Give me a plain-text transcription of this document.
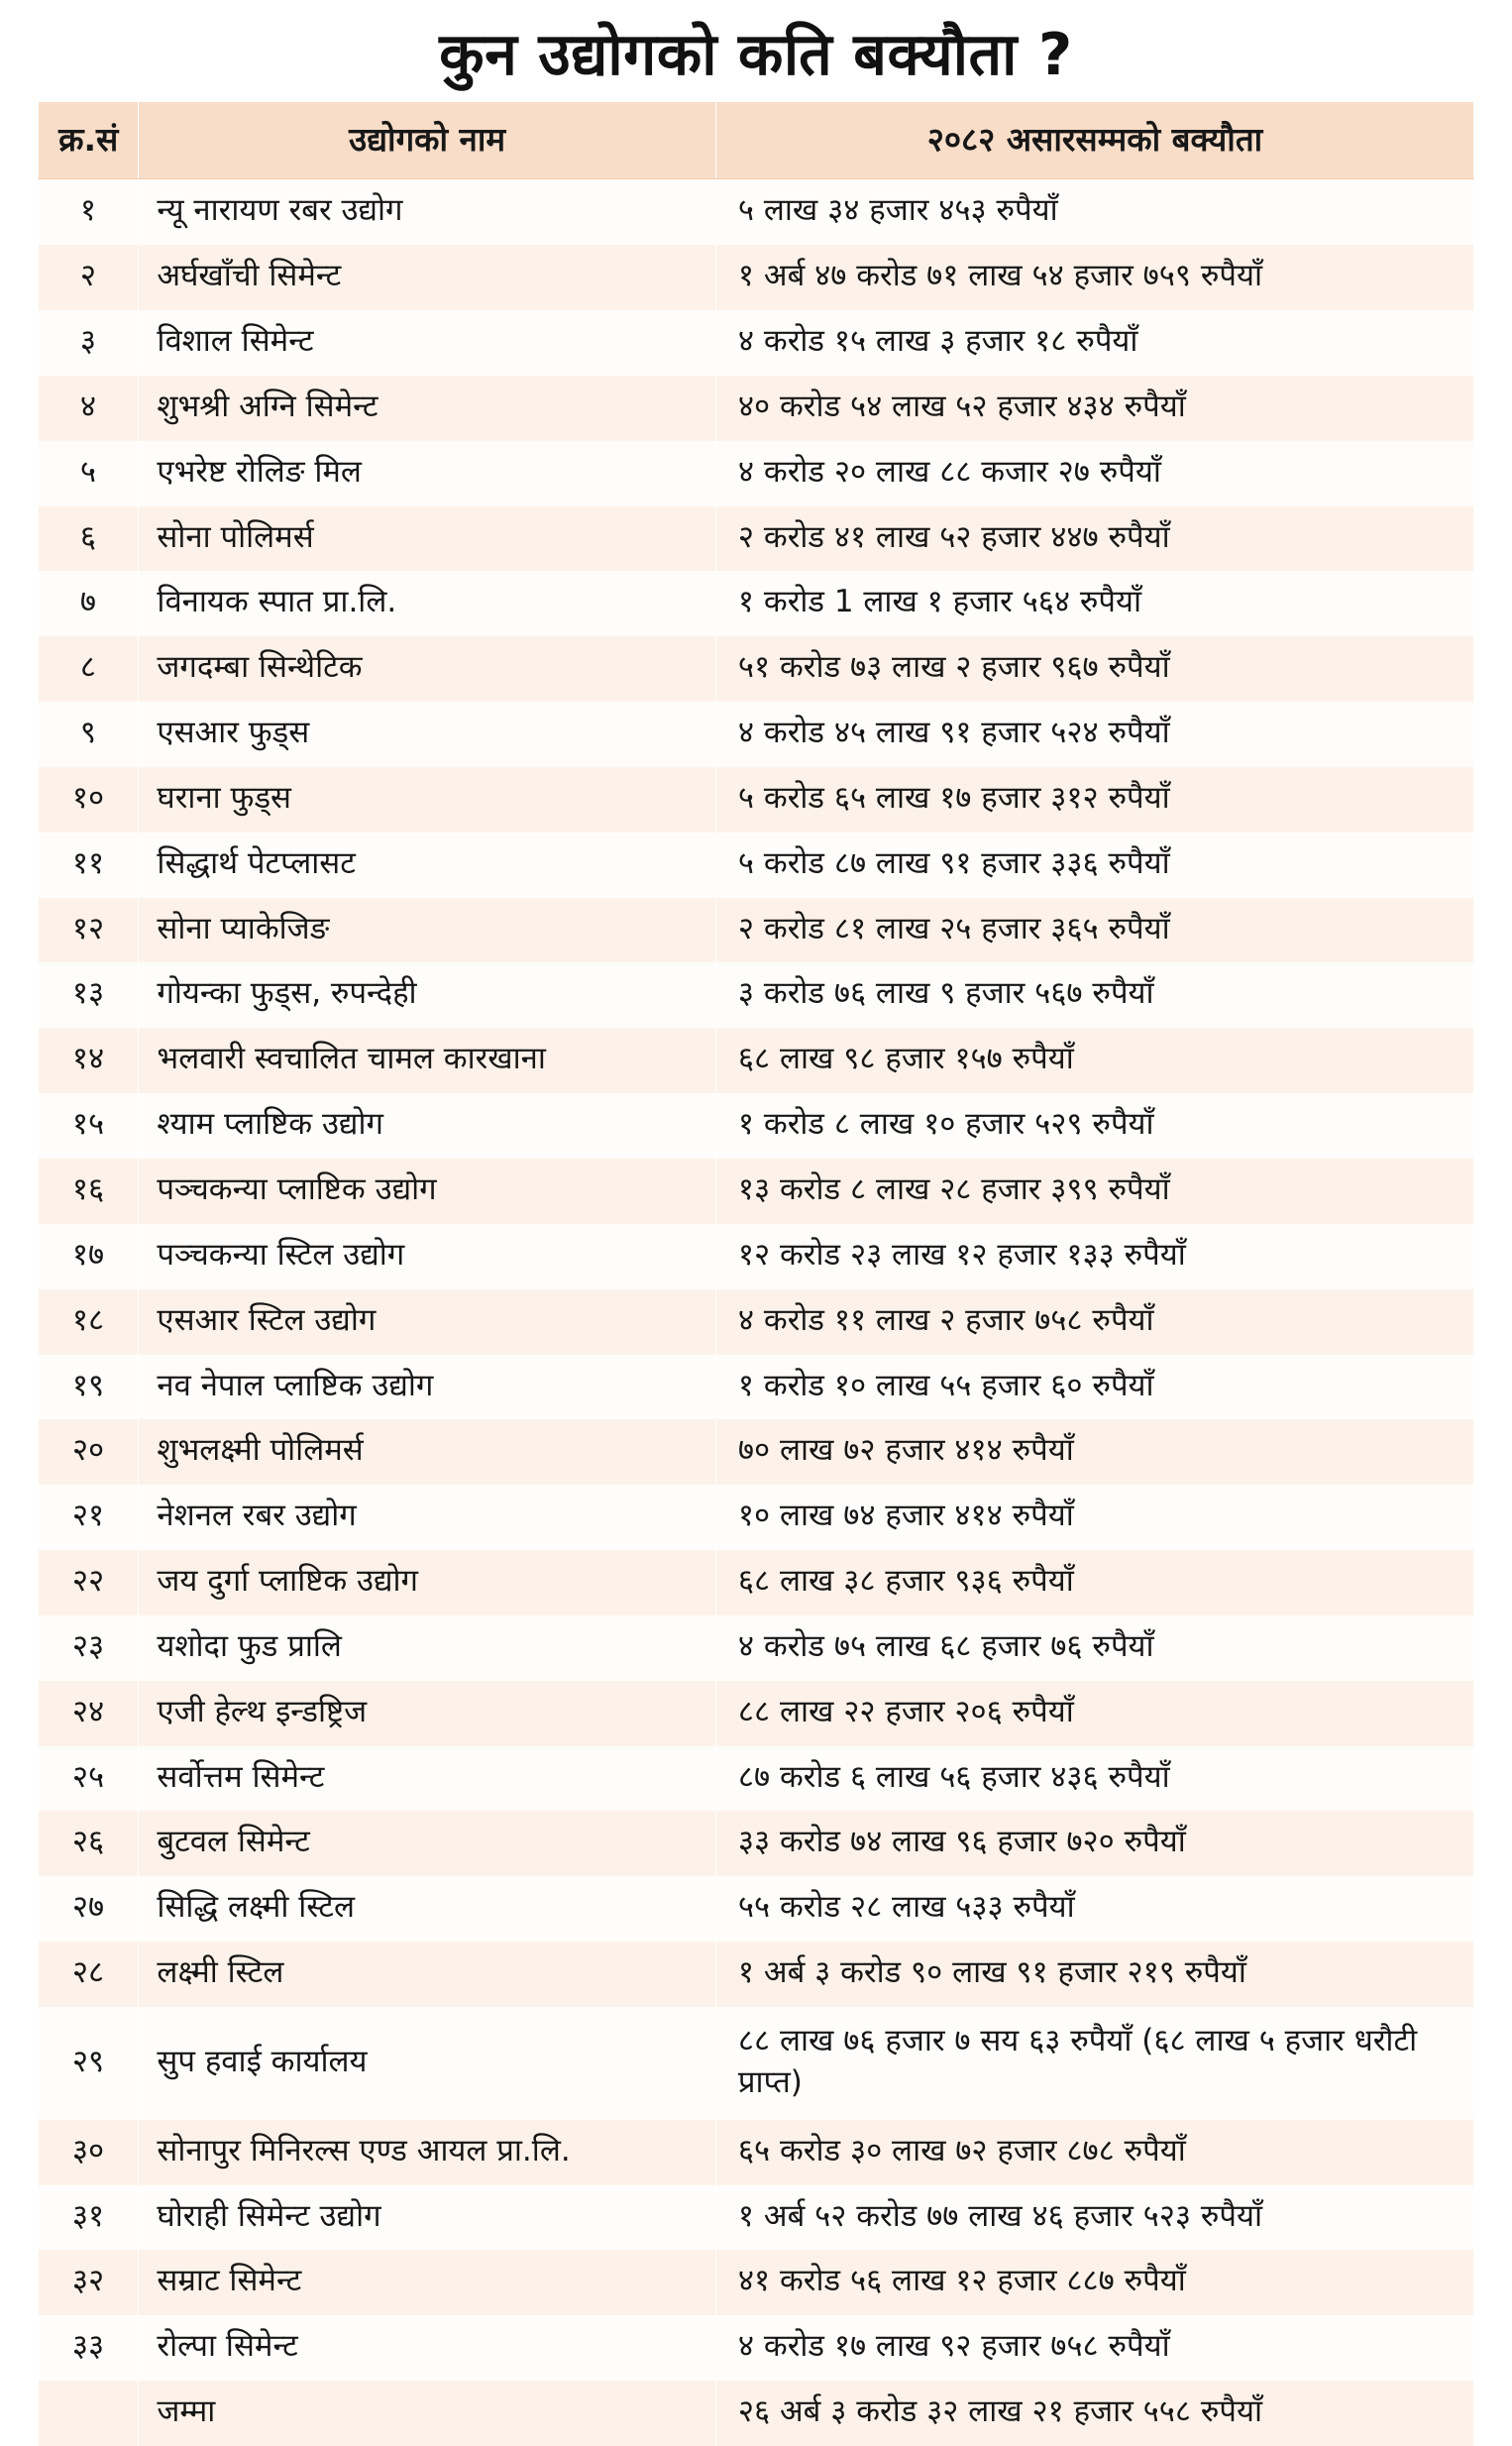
कुन उद्योगको कति बक्यौता ?
क्र.सं	उद्योगको नाम	२०८२ असारसम्मको बक्यौता
१	न्यू नारायण रबर उद्योग	५ लाख ३४ हजार ४५३ रुपैयाँ
२	अर्घखाँची सिमेन्ट	१ अर्ब ४७ करोड ७१ लाख ५४ हजार ७५९ रुपैयाँ
३	विशाल सिमेन्ट	४ करोड १५ लाख ३ हजार १८ रुपैयाँ
४	शुभश्री अग्नि सिमेन्ट	४० करोड ५४ लाख ५२ हजार ४३४ रुपैयाँ
५	एभरेष्ट रोलिङ मिल	४ करोड २० लाख ८८ कजार २७ रुपैयाँ
६	सोना पोलिमर्स	२ करोड ४१ लाख ५२ हजार ४४७ रुपैयाँ
७	विनायक स्पात प्रा.लि.	१ करोड 1 लाख १ हजार ५६४ रुपैयाँ
८	जगदम्बा सिन्थेटिक	५१ करोड ७३ लाख २ हजार ९६७ रुपैयाँ
९	एसआर फुड्स	४ करोड ४५ लाख ९१ हजार ५२४ रुपैयाँ
१०	घराना फुड्स	५ करोड ६५ लाख १७ हजार ३१२ रुपैयाँ
११	सिद्धार्थ पेटप्लासट	५ करोड ८७ लाख ९१ हजार ३३६ रुपैयाँ
१२	सोना प्याकेजिङ	२ करोड ८१ लाख २५ हजार ३६५ रुपैयाँ
१३	गोयन्का फुड्स, रुपन्देही	३ करोड ७६ लाख ९ हजार ५६७ रुपैयाँ
१४	भलवारी स्वचालित चामल कारखाना	६८ लाख ९८ हजार १५७ रुपैयाँ
१५	श्याम प्लाष्टिक उद्योग	१ करोड ८ लाख १० हजार ५२९ रुपैयाँ
१६	पञ्चकन्या प्लाष्टिक उद्योग	१३ करोड ८ लाख २८ हजार ३९९ रुपैयाँ
१७	पञ्चकन्या स्टिल उद्योग	१२ करोड २३ लाख १२ हजार १३३ रुपैयाँ
१८	एसआर स्टिल उद्योग	४ करोड ११ लाख २ हजार ७५८ रुपैयाँ
१९	नव नेपाल प्लाष्टिक उद्योग	१ करोड १० लाख ५५ हजार ६० रुपैयाँ
२०	शुभलक्ष्मी पोलिमर्स	७० लाख ७२ हजार ४१४ रुपैयाँ
२१	नेशनल रबर उद्योग	१० लाख ७४ हजार ४१४ रुपैयाँ
२२	जय दुर्गा प्लाष्टिक उद्योग	६८ लाख ३८ हजार ९३६ रुपैयाँ
२३	यशोदा फुड प्रालि	४ करोड ७५ लाख ६८ हजार ७६ रुपैयाँ
२४	एजी हेल्थ इन्डष्ट्रिज	८८ लाख २२ हजार २०६ रुपैयाँ
२५	सर्वोत्तम सिमेन्ट	८७ करोड ६ लाख ५६ हजार ४३६ रुपैयाँ
२६	बुटवल सिमेन्ट	३३ करोड ७४ लाख ९६ हजार ७२० रुपैयाँ
२७	सिद्धि लक्ष्मी स्टिल	५५ करोड २८ लाख ५३३ रुपैयाँ
२८	लक्ष्मी स्टिल	१ अर्ब ३ करोड ९० लाख ९१ हजार २१९ रुपैयाँ
२९	सुप हवाई कार्यालय	८८ लाख ७६ हजार ७ सय ६३ रुपैयाँ (६८ लाख ५ हजार धरौटी प्राप्त)
३०	सोनापुर मिनिरल्स एण्ड आयल प्रा.लि.	६५ करोड ३० लाख ७२ हजार ८७८ रुपैयाँ
३१	घोराही सिमेन्ट उद्योग	१ अर्ब ५२ करोड ७७ लाख ४६ हजार ५२३ रुपैयाँ
३२	सम्राट सिमेन्ट	४१ करोड ५६ लाख १२ हजार ८८७ रुपैयाँ
३३	रोल्पा सिमेन्ट	४ करोड १७ लाख ९२ हजार ७५८ रुपैयाँ
	जम्मा	२६ अर्ब ३ करोड ३२ लाख २१ हजार ५५८ रुपैयाँ
